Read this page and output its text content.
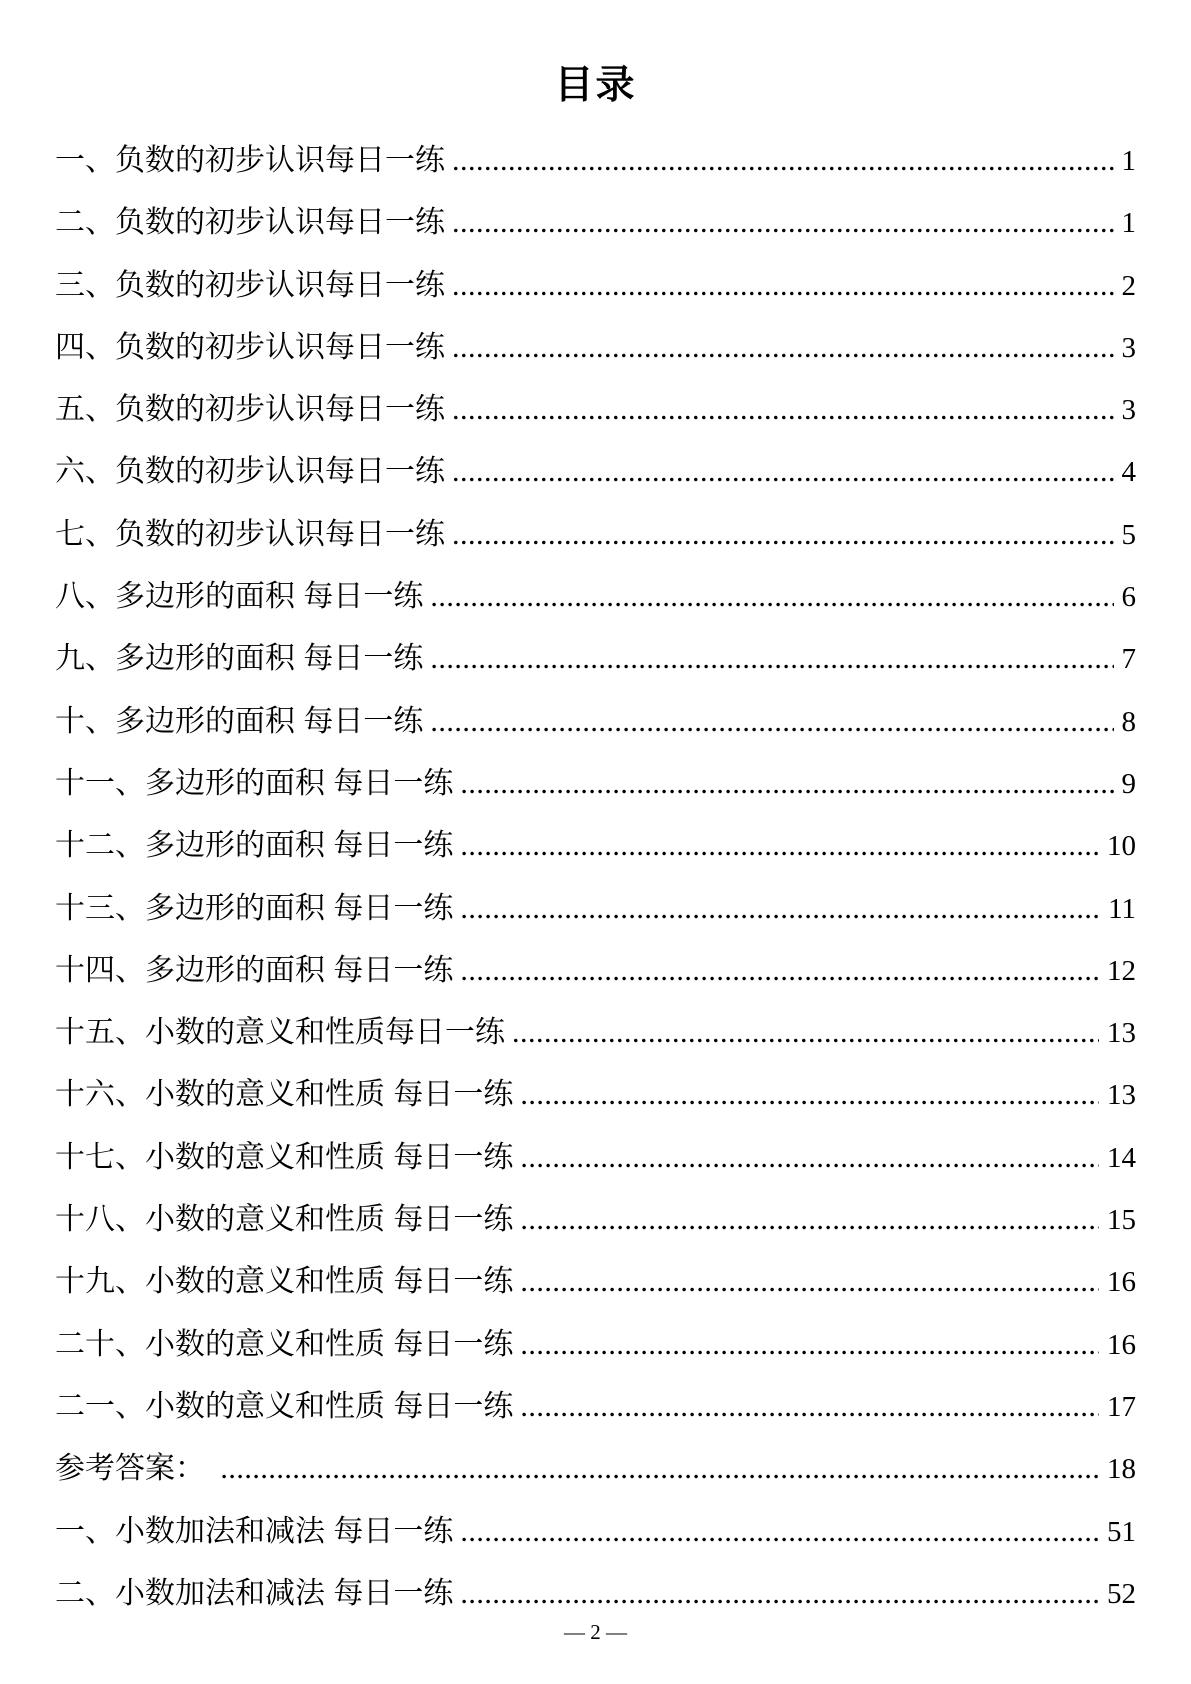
目录
一、负数的初步认识每日一练 .....	1
二、负数的初步认识每日一练 .....	1
三、负数的初步认识每日一练 .....	2
四、负数的初步认识每日一练 .....	3
五、负数的初步认识每日一练 .....	3
六、负数的初步认识每日一练 .....	4
七、负数的初步认识每日一练 .....	5
八、多边形的面积 每日一练 .....	6
九、多边形的面积 每日一练 .....	7
十、多边形的面积 每日一练 .....	8
十一、多边形的面积 每日一练 .....	9
十二、多边形的面积 每日一练 .....	10
十三、多边形的面积 每日一练 .....	11
十四、多边形的面积 每日一练 .....	12
十五、小数的意义和性质每日一练 .....	13
十六、小数的意义和性质 每日一练 .....	13
十七、小数的意义和性质 每日一练 .....	14
十八、小数的意义和性质 每日一练 .....	15
十九、小数的意义和性质 每日一练 .....	16
二十、小数的意义和性质 每日一练 .....	16
二一、小数的意义和性质 每日一练 .....	17
参考答案： .....	18
一、小数加法和减法 每日一练 .....	51
二、小数加法和减法 每日一练 .....	52
— 2 —
